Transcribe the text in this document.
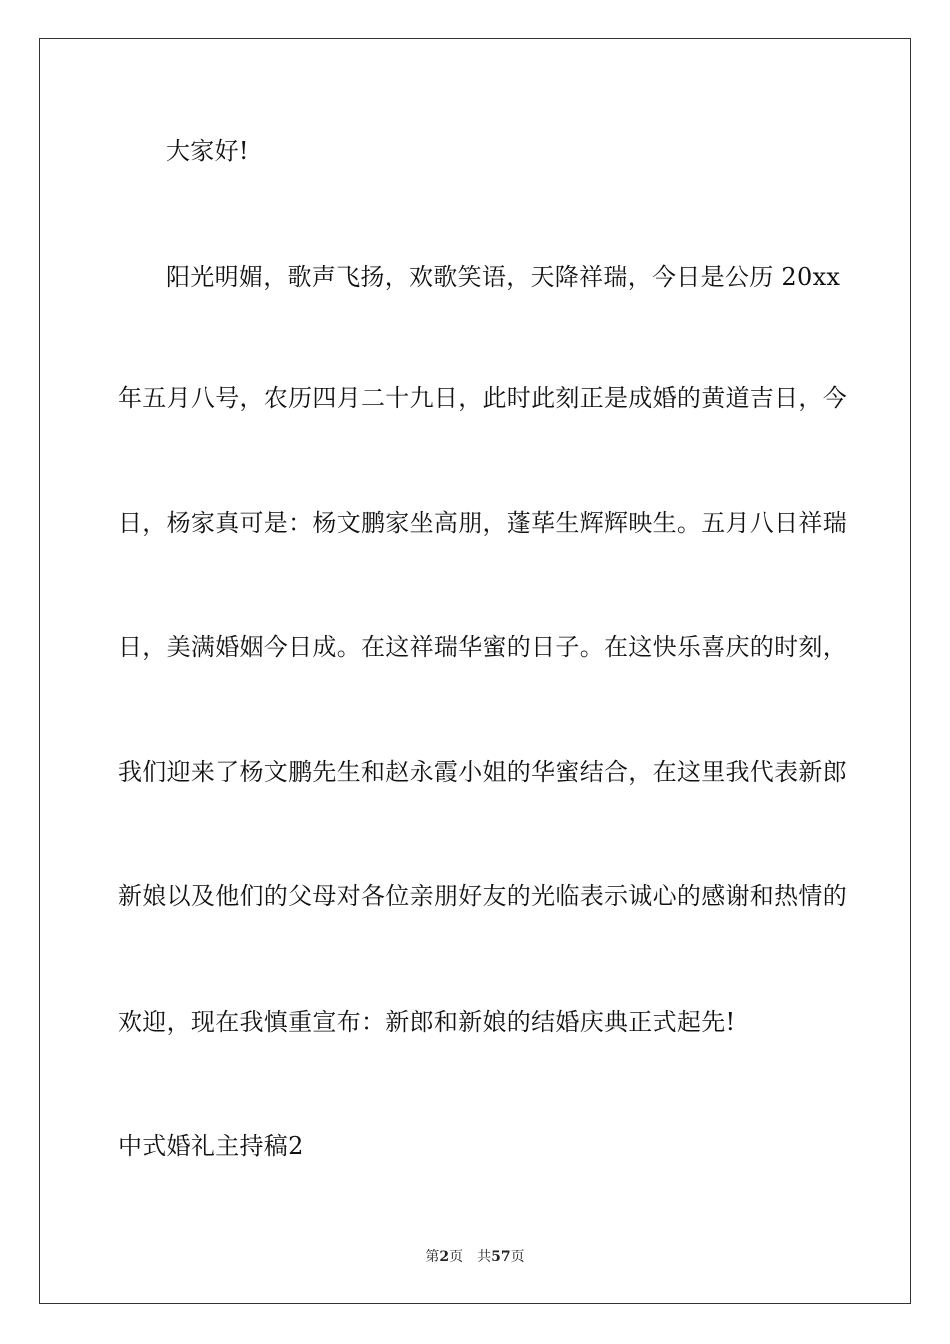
大家好!
阳光明媚，歌声飞扬，欢歌笑语，天降祥瑞，今日是公历 20xx
年五月八号，农历四月二十九日，此时此刻正是成婚的黄道吉日，今
日，杨家真可是：杨文鹏家坐高朋，蓬荜生辉辉映生。五月八日祥瑞
日，美满婚姻今日成。在这祥瑞华蜜的日子。在这快乐喜庆的时刻，
我们迎来了杨文鹏先生和赵永霞小姐的华蜜结合，在这里我代表新郎
新娘以及他们的父母对各位亲朋好友的光临表示诚心的感谢和热情的
欢迎，现在我慎重宣布：新郎和新娘的结婚庆典正式起先!
中式婚礼主持稿2
第2页 共57页
